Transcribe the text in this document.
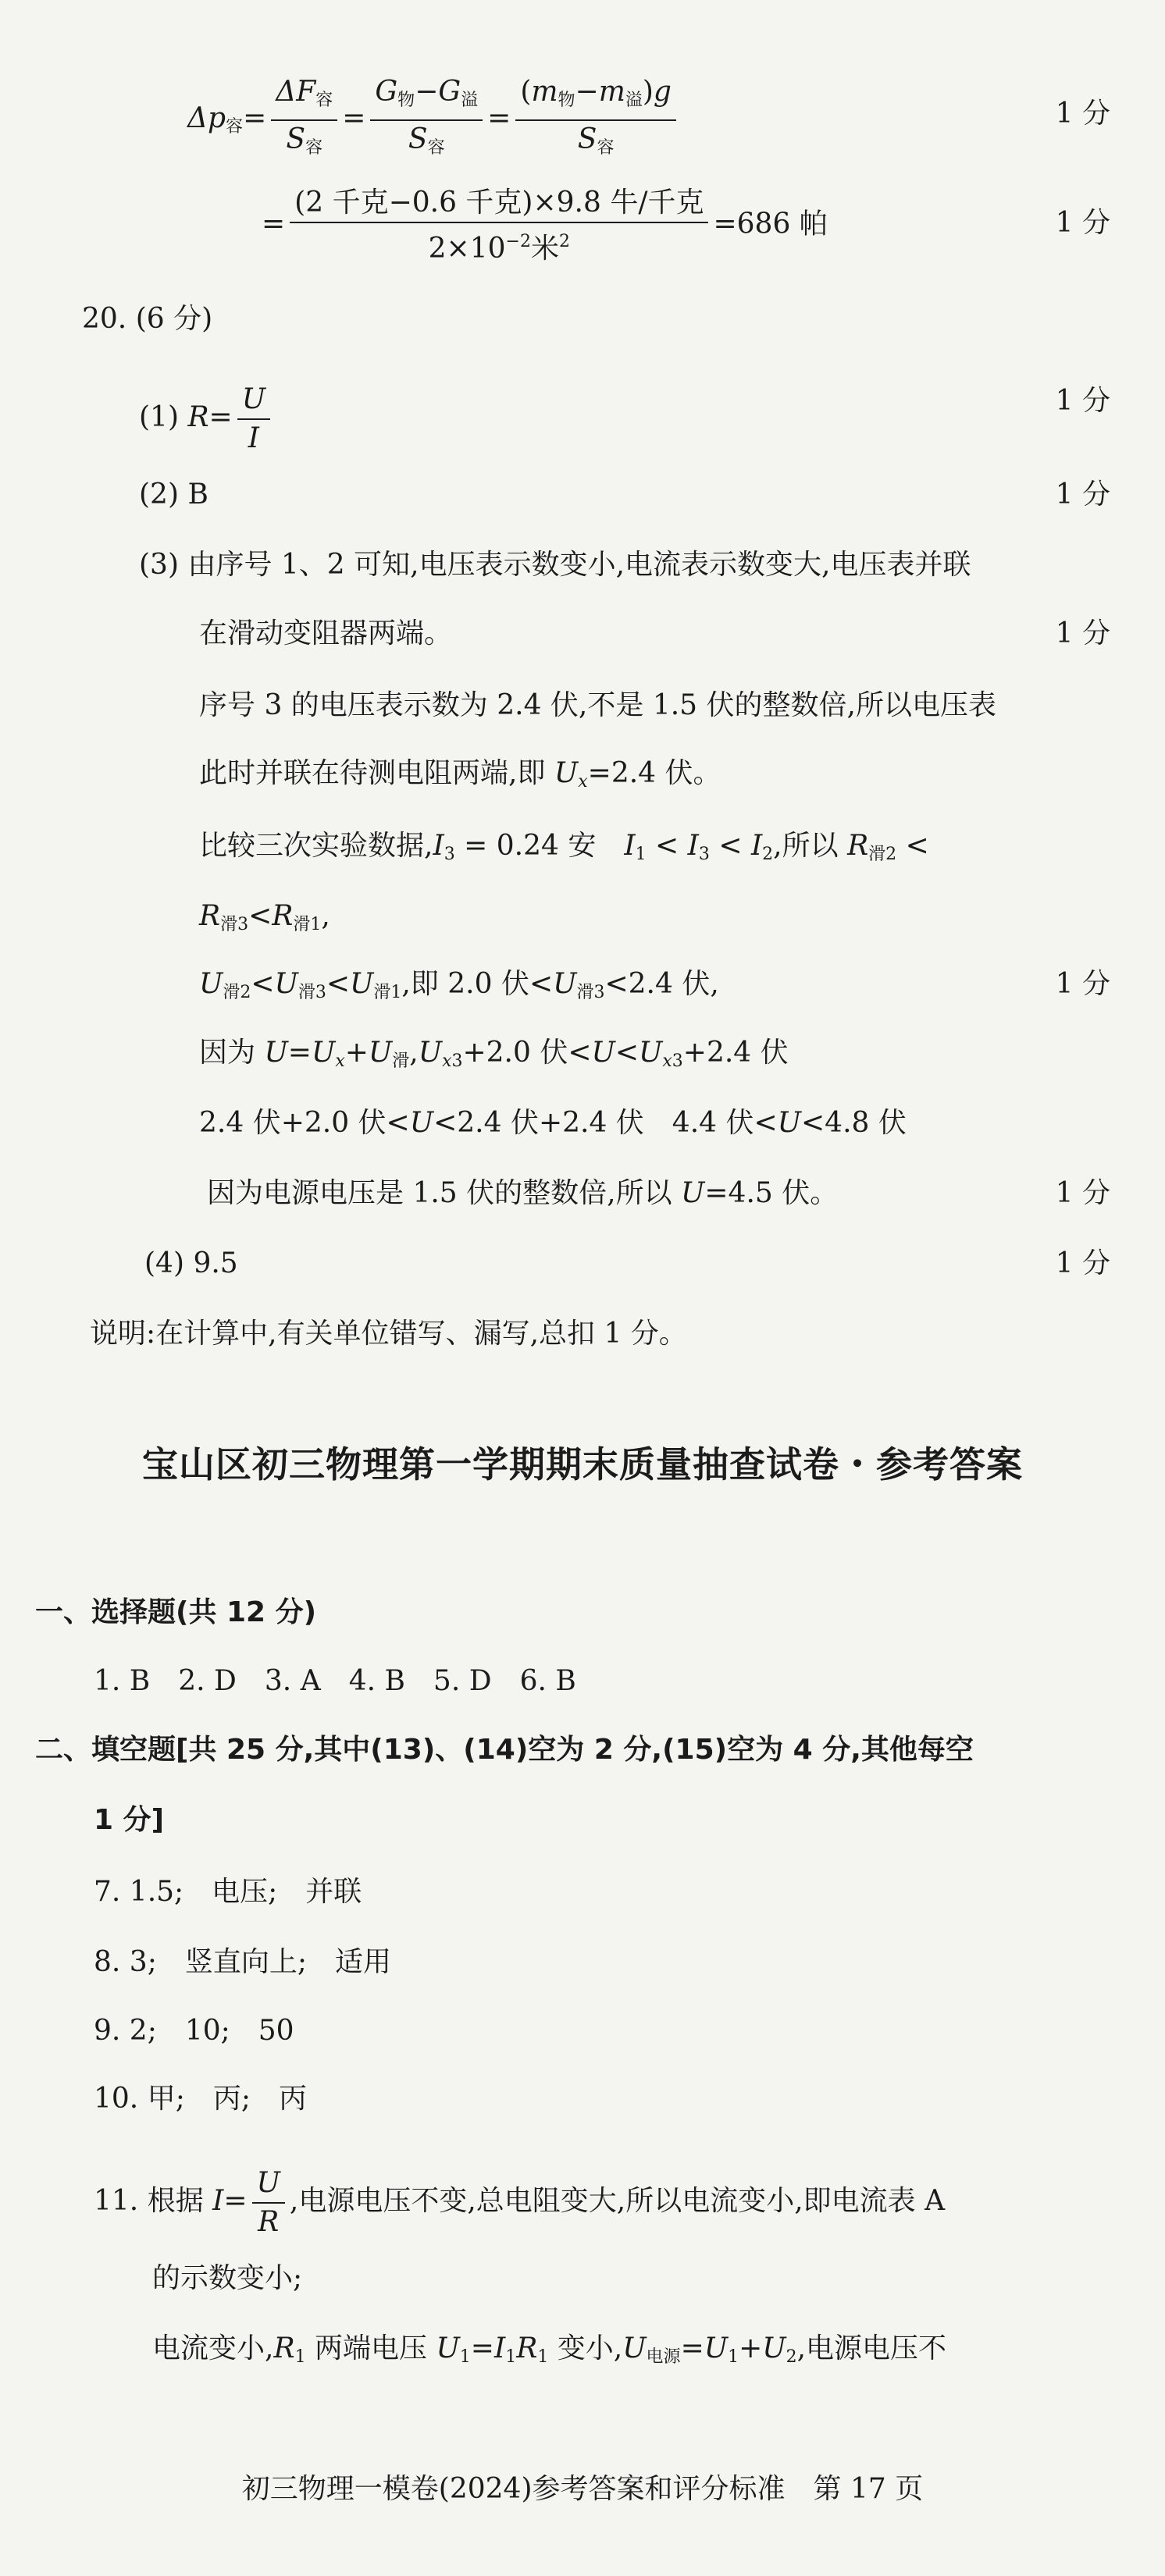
$\Delta p_容= \frac{\Delta F_容}{S_容} = \frac{G_物-G_溢}{S_容} = \frac{(m_物-m_溢)g}{S_容}$	1 分
= $\frac{\text{(2 千克−0.6 千克)×9.8 牛/千克}}{2\times 10^{-2}米^2} =686$ 帕	1 分
20. (6 分)
(1) $R= \frac{U}{I}$	1 分
(2) B	1 分
(3) 由序号 1、2 可知,电压表示数变小,电流表示数变大,电压表并联
在滑动变阻器两端。	1 分
序号 3 的电压表示数为 2.4 伏,不是 1.5 伏的整数倍,所以电压表
此时并联在待测电阻两端,即 $U_x=2.4$ 伏。
比较三次实验数据$,I_3 = 0.24$ 安　$I_1 < I_3 < I_2$,所以 $R_{滑2}$ <
$R_{滑3}<R_{滑1}$,
$U_{滑2}<U_{滑3}<U_{滑1}$,即 2.0 伏$<U_{滑3}<2.4$ 伏,	1 分
因为 $U=U_x+U_滑,U_{x3}+2.0$ 伏$<U<U_{x3}+2.4$ 伏
2.4 伏+2.0 伏<U<2.4 伏+2.4 伏　4.4 伏<U<4.8 伏
因为电源电压是 1.5 伏的整数倍,所以 U=4.5 伏。	1 分
(4) 9.5	1 分
说明:在计算中,有关单位错写、漏写,总扣 1 分。
宝山区初三物理第一学期期末质量抽查试卷・参考答案
一、选择题(共 12 分)
1. B　2. D　3. A　4. B　5. D　6. B
二、填空题[共 25 分,其中(13)、(14)空为 2 分,(15)空为 4 分,其他每空
1 分]
7. 1.5;　电压;　并联
8. 3;　竖直向上;　适用
9. 2;　10;　50
10. 甲;　丙;　丙
11. 根据 $I= \frac{U}{R}$ ,电源电压不变,总电阻变大,所以电流变小,即电流表 A
的示数变小;
电流变小$,R_1$ 两端电压 $U_1=I_1R_1$ 变小$,U_{电源}=U_1+U_2$,电源电压不
初三物理一模卷(2024)参考答案和评分标准　第 17 页
